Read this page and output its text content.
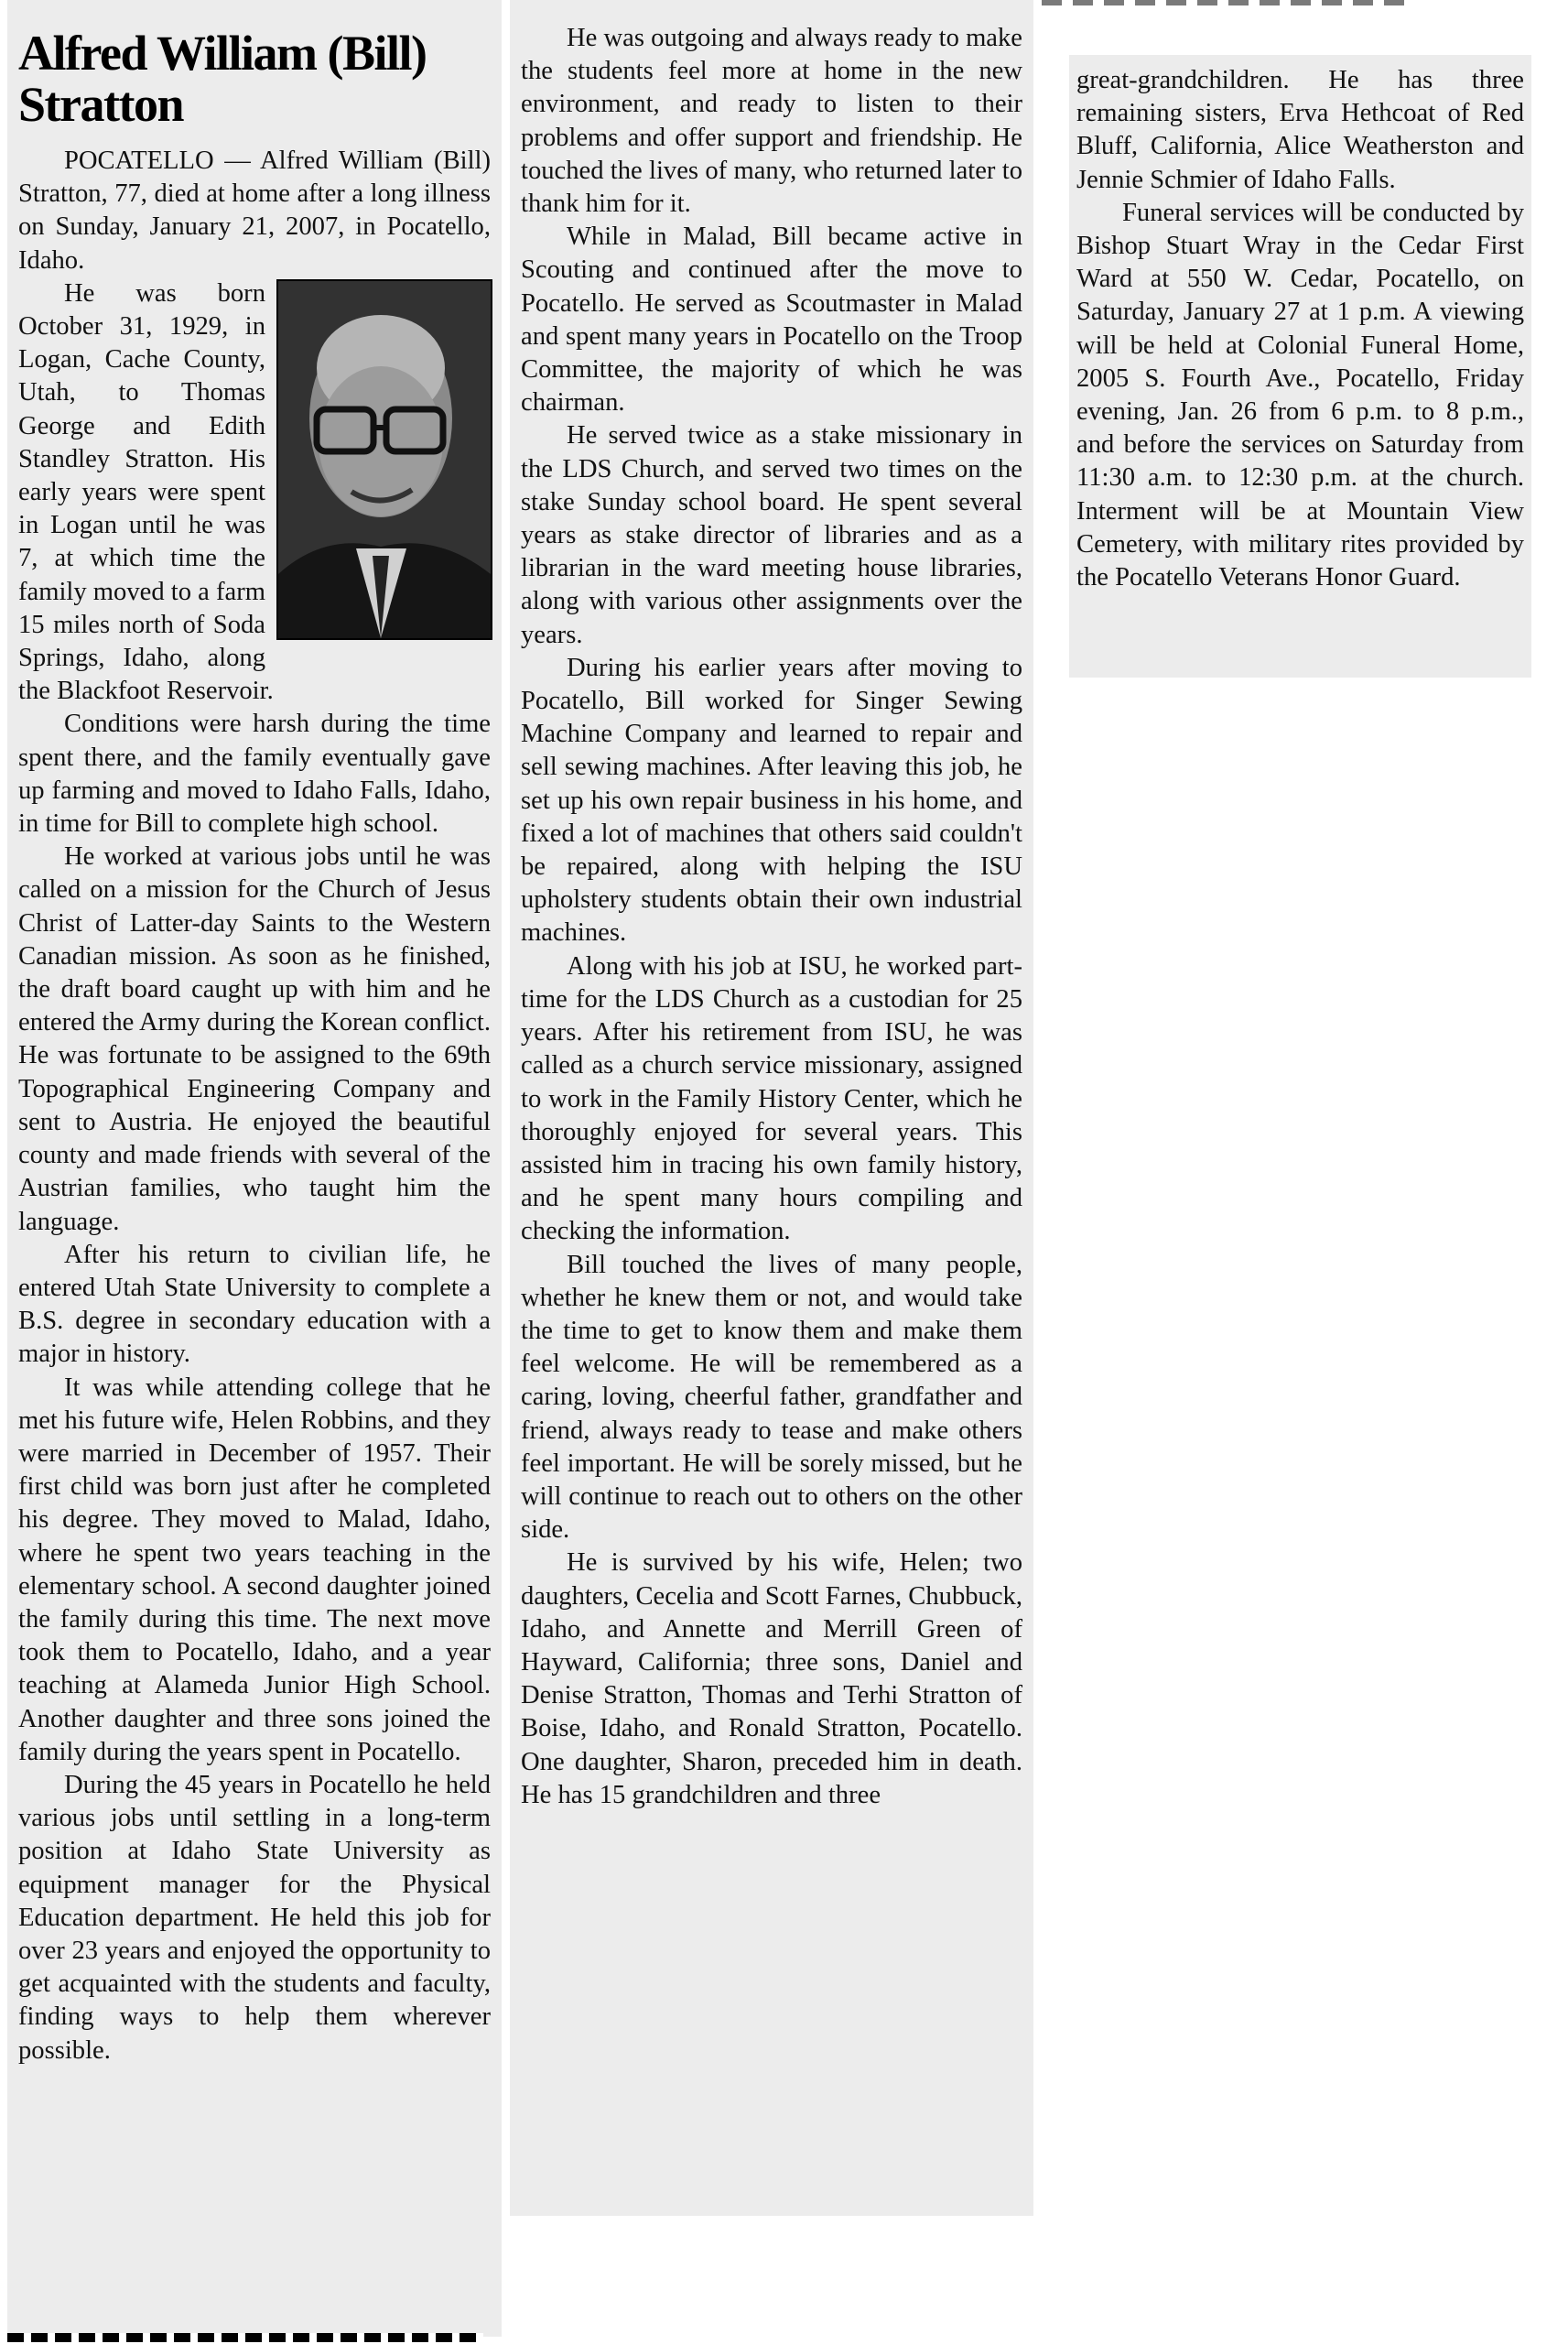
Alfred William (Bill) Stratton

POCATELLO — Alfred William (Bill) Stratton, 77, died at home after a long illness on Sunday, January 21, 2007, in Pocatello, Idaho.

He was born October 31, 1929, in Logan, Cache County, Utah, to Thomas George and Edith Standley Stratton. His early years were spent in Logan until he was 7, at which time the family moved to a farm 15 miles north of Soda Springs, Idaho, along the Blackfoot Reservoir.

Conditions were harsh during the time spent there, and the family eventually gave up farming and moved to Idaho Falls, Idaho, in time for Bill to complete high school.

He worked at various jobs until he was called on a mission for the Church of Jesus Christ of Latter-day Saints to the Western Canadian mission. As soon as he finished, the draft board caught up with him and he entered the Army during the Korean conflict. He was fortunate to be assigned to the 69th Topographical Engineering Company and sent to Austria. He enjoyed the beautiful county and made friends with several of the Austrian families, who taught him the language.

After his return to civilian life, he entered Utah State University to complete a B.S. degree in secondary education with a major in history.

It was while attending college that he met his future wife, Helen Robbins, and they were married in December of 1957. Their first child was born just after he completed his degree. They moved to Malad, Idaho, where he spent two years teaching in the elementary school. A second daughter joined the family during this time. The next move took them to Pocatello, Idaho, and a year teaching at Alameda Junior High School. Another daughter and three sons joined the family during the years spent in Pocatello.

During the 45 years in Pocatello he held various jobs until settling in a long-term position at Idaho State University as equipment manager for the Physical Education department. He held this job for over 23 years and enjoyed the opportunity to get acquainted with the students and faculty, finding ways to help them wherever possible.

He was outgoing and always ready to make the students feel more at home in the new environment, and ready to listen to their problems and offer support and friendship. He touched the lives of many, who returned later to thank him for it.

While in Malad, Bill became active in Scouting and continued after the move to Pocatello. He served as Scoutmaster in Malad and spent many years in Pocatello on the Troop Committee, the majority of which he was chairman.

He served twice as a stake missionary in the LDS Church, and served two times on the stake Sunday school board. He spent several years as stake director of libraries and as a librarian in the ward meeting house libraries, along with various other assignments over the years.

During his earlier years after moving to Pocatello, Bill worked for Singer Sewing Machine Company and learned to repair and sell sewing machines. After leaving this job, he set up his own repair business in his home, and fixed a lot of machines that others said couldn't be repaired, along with helping the ISU upholstery students obtain their own industrial machines.

Along with his job at ISU, he worked part-time for the LDS Church as a custodian for 25 years. After his retirement from ISU, he was called as a church service missionary, assigned to work in the Family History Center, which he thoroughly enjoyed for several years. This assisted him in tracing his own family history, and he spent many hours compiling and checking the information.

Bill touched the lives of many people, whether he knew them or not, and would take the time to get to know them and make them feel welcome. He will be remembered as a caring, loving, cheerful father, grandfather and friend, always ready to tease and make others feel important. He will be sorely missed, but he will continue to reach out to others on the other side.

He is survived by his wife, Helen; two daughters, Cecelia and Scott Farnes, Chubbuck, Idaho, and Annette and Merrill Green of Hayward, California; three sons, Daniel and Denise Stratton, Thomas and Terhi Stratton of Boise, Idaho, and Ronald Stratton, Pocatello. One daughter, Sharon, preceded him in death. He has 15 grandchildren and three

great-grandchildren. He has three remaining sisters, Erva Hethcoat of Red Bluff, California, Alice Weatherston and Jennie Schmier of Idaho Falls.

Funeral services will be conducted by Bishop Stuart Wray in the Cedar First Ward at 550 W. Cedar, Pocatello, on Saturday, January 27 at 1 p.m. A viewing will be held at Colonial Funeral Home, 2005 S. Fourth Ave., Pocatello, Friday evening, Jan. 26 from 6 p.m. to 8 p.m., and before the services on Saturday from 11:30 a.m. to 12:30 p.m. at the church. Interment will be at Mountain View Cemetery, with military rites provided by the Pocatello Veterans Honor Guard.
